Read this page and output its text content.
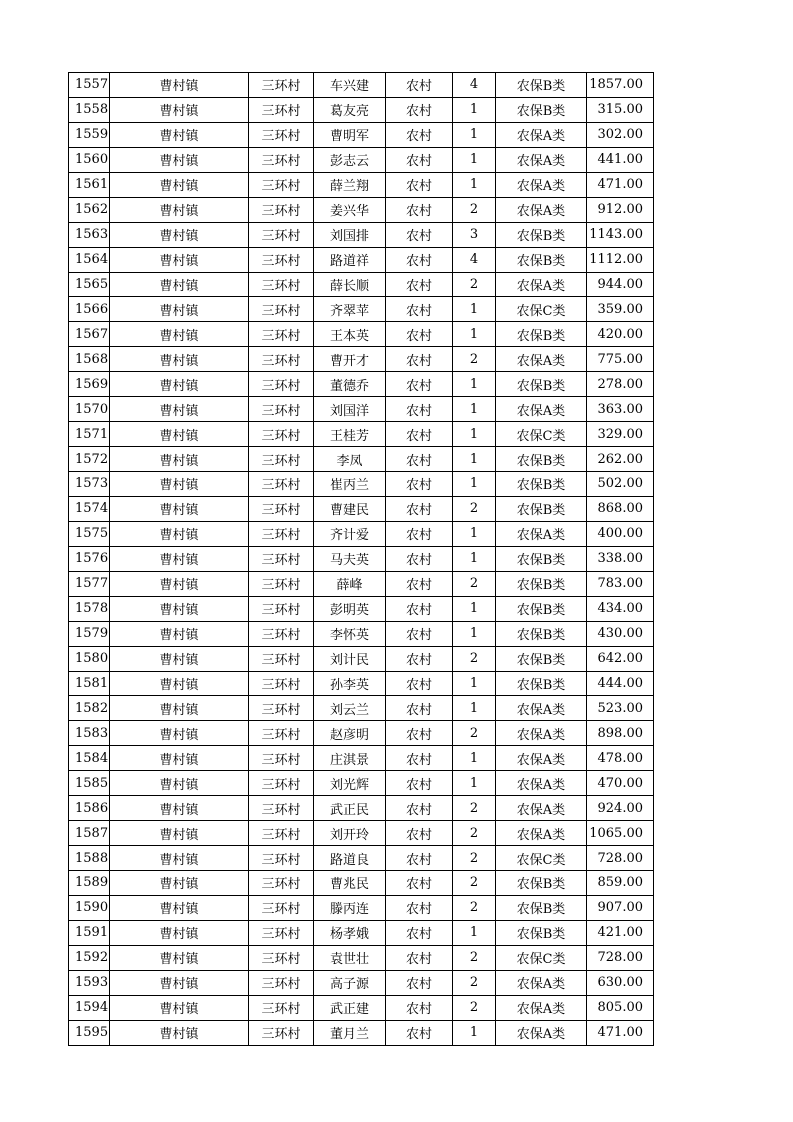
1557	曹村镇	三环村	车兴建	农村	4	农保B类	1857.00
1558	曹村镇	三环村	葛友亮	农村	1	农保B类	315.00
1559	曹村镇	三环村	曹明军	农村	1	农保A类	302.00
1560	曹村镇	三环村	彭志云	农村	1	农保A类	441.00
1561	曹村镇	三环村	薛兰翔	农村	1	农保A类	471.00
1562	曹村镇	三环村	姜兴华	农村	2	农保A类	912.00
1563	曹村镇	三环村	刘国排	农村	3	农保B类	1143.00
1564	曹村镇	三环村	路道祥	农村	4	农保B类	1112.00
1565	曹村镇	三环村	薛长顺	农村	2	农保A类	944.00
1566	曹村镇	三环村	齐翠苹	农村	1	农保C类	359.00
1567	曹村镇	三环村	王本英	农村	1	农保B类	420.00
1568	曹村镇	三环村	曹开才	农村	2	农保A类	775.00
1569	曹村镇	三环村	董德乔	农村	1	农保B类	278.00
1570	曹村镇	三环村	刘国洋	农村	1	农保A类	363.00
1571	曹村镇	三环村	王桂芳	农村	1	农保C类	329.00
1572	曹村镇	三环村	李凤	农村	1	农保B类	262.00
1573	曹村镇	三环村	崔丙兰	农村	1	农保B类	502.00
1574	曹村镇	三环村	曹建民	农村	2	农保B类	868.00
1575	曹村镇	三环村	齐计爱	农村	1	农保A类	400.00
1576	曹村镇	三环村	马夫英	农村	1	农保B类	338.00
1577	曹村镇	三环村	薛峰	农村	2	农保B类	783.00
1578	曹村镇	三环村	彭明英	农村	1	农保B类	434.00
1579	曹村镇	三环村	李怀英	农村	1	农保B类	430.00
1580	曹村镇	三环村	刘计民	农村	2	农保B类	642.00
1581	曹村镇	三环村	孙李英	农村	1	农保B类	444.00
1582	曹村镇	三环村	刘云兰	农村	1	农保A类	523.00
1583	曹村镇	三环村	赵彦明	农村	2	农保A类	898.00
1584	曹村镇	三环村	庄淇景	农村	1	农保A类	478.00
1585	曹村镇	三环村	刘光辉	农村	1	农保A类	470.00
1586	曹村镇	三环村	武正民	农村	2	农保A类	924.00
1587	曹村镇	三环村	刘开玲	农村	2	农保A类	1065.00
1588	曹村镇	三环村	路道良	农村	2	农保C类	728.00
1589	曹村镇	三环村	曹兆民	农村	2	农保B类	859.00
1590	曹村镇	三环村	滕丙连	农村	2	农保B类	907.00
1591	曹村镇	三环村	杨孝娥	农村	1	农保B类	421.00
1592	曹村镇	三环村	袁世壮	农村	2	农保C类	728.00
1593	曹村镇	三环村	高子源	农村	2	农保A类	630.00
1594	曹村镇	三环村	武正建	农村	2	农保A类	805.00
1595	曹村镇	三环村	董月兰	农村	1	农保A类	471.00
